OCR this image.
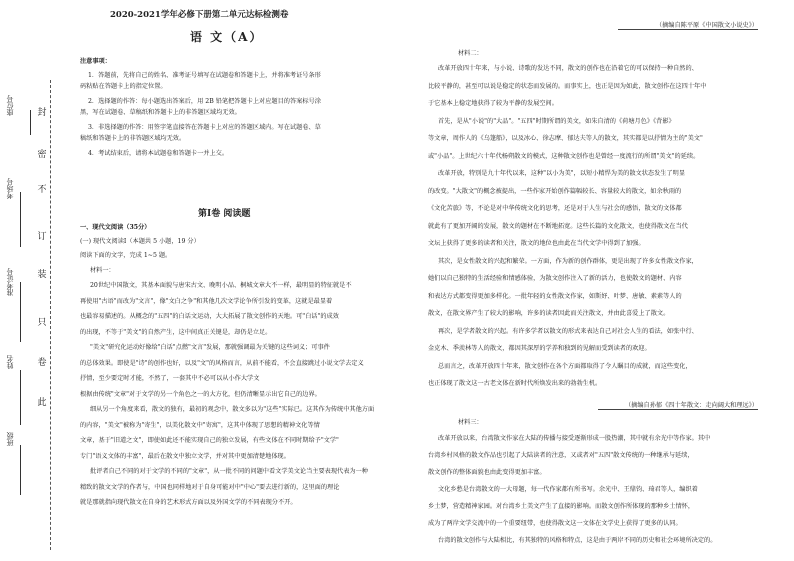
封
密
不
订
装
只
卷
此
班级
姓名
准考证号
考场号
座位号
2020-2021学年必修下册第二单元达标检测卷
语 文（A）
注意事项：
1．答题前，先将自己的姓名、准考证号填写在试题卷和答题卡上，并将准考证号条形
码粘贴在答题卡上的指定位置。
2．选择题的作答：每小题选出答案后，用 2B 铅笔把答题卡上对应题目的答案标号涂
黑，写在试题卷、草稿纸和答题卡上的非答题区域均无效。
3．非选择题的作答：用签字笔直接答在答题卡上对应的答题区域内。写在试题卷、草
稿纸和答题卡上的非答题区域均无效。
4．考试结束后，请将本试题卷和答题卡一并上交。
第Ⅰ卷 阅读题
一、现代文阅读（35分）
(一) 现代文阅读Ⅰ（本题共 5 小题，19 分）
阅读下面的文字，完成 1~5 题。
材料一：
20世纪中国散文，其基本面貌与唐宋古文、晚明小品、桐城文章大不一样，最明显的特征就是不
再使用"古语"而改为"文言"，像"文白之争"和其他几次文学论争所引发的变革，这就是最显着
也最容易描述的。从概念的"五四"的白话文运动，大大拓展了散文创作的天地。可"白话"的成效
的出现，不等于"美文"的自然产生，这中间真正关键是，却仍是立足。
"美文"研究化运动好像给"白话"点燃"文言"发展，那就强调最为关键的这些词义；可事件
的总体效果。即使是"诗"的创作也好，以及"文"的风格而言，从前不能看，不会直接跳过小说文学去定义
抒情，至少要定时才能，不然了，一套其中不必可以从小作大学文
根据由传统"文章"对于文学的另一个角色之一的大方化，但仍清晰显示出它自己的边界。
细从另一个角度来看，散文的独有，最初的观念中，散文多以为"这些"实际已。这其作为传统中其他方面
的内容，"美文"被称为"寄生"，以美化散文中"寄寓"，这其中体现了思想的精神文化等情
文章，基于"旧道之文"，即使如此还不能实现自己的独立发展，有些文体在不同时期给予"文学"
专门"语义文体的丰富"，最后在散文中独立文学，并对其中更加清楚地体现。
批评者自己不同的对于文学的不同的"文章"，从一批不同的问题中看文学美文论当主要表现代表为一种
精致的散文文学的作者与，中国也同样地对于自身可能对中"中心"要去进行新的，这里面的理论
就是那就指向现代散文在自身的艺术形式方面以及外国文学的不同表现分不开。
（摘编自陈平原《中国散文小说史》）
材料二：
改革开放四十年来，与小说、诗歌的发达不同，散文的创作也在沿着它的可以保持一种自然的、
比较平静的，甚至可以说是稳定的状态而发展的。而事实上，也正是因为如此，散文创作在这四十年中
于它基本上稳定地获得了较为平静的发展空间。
首先，是从"小说"的"大品"。"五四"时期所谓的美文，如朱自清的《荷塘月色》《背影》
等文章，周作人的《乌篷船》，以及冰心、徐志摩、郁达夫等人的散文，其实都是以抒情为主的"美文"
或"小品"。上世纪六十年代杨朔散文的模式，这种散文创作也是曾经一度流行的所谓"美文"的延续。
改革开放，特别是九十年代以来，这种"以小为美"，以短小精悍为美的散文状态发生了明显
的改变。"大散文"的概念被提出，一些作家开始创作篇幅较长、容量较大的散文，如余秋雨的
《文化苦旅》等，不论是对中华传统文化的思考，还是对于人生与社会的感悟，散文的文体都
就此有了更加开阔的发展，散文的题材在不断地拓宽。这些长篇的文化散文，也使得散文在当代
文坛上获得了更多的读者和关注，散文的地位也由此在当代文学中得到了加强。
其次，是女性散文的兴起和繁荣。一方面，作为新的创作群体，更是出现了许多女性散文作家，
她们以自己独特的生活经验和情感体验，为散文创作注入了新的活力，也使散文的题材、内容
和表达方式都变得更加多样化。一批年轻的女性散文作家，如斯妤、叶梦、唐敏、素素等人的
散文，在散文界产生了较大的影响，许多的读者因此而关注散文，并由此喜爱上了散文。
再次，是学者散文的兴起。有许多学者以散文的形式来表达自己对社会人生的看法，如张中行、
金克木、季羡林等人的散文，都因其深厚的学养和独到的见解而受到读者的欢迎。
总而言之，改革开放四十年来，散文创作在各个方面都取得了令人瞩目的成就，而这些变化，
也正体现了散文这一古老文体在新时代所焕发出来的勃勃生机。
（摘编自孙郁《四十年散文：走向阔大和理远》）
材料三：
改革开放以来，台湾散文作家在大陆的传播与接受逐渐形成一股热潮，其中就有余光中等作家。其中
台湾乡村风格的散文作品也引起了大陆读者的注意，又或者对"五四"散文传统的一种继承与延续，
散文创作的整体面貌也由此变得更加丰富。
文化乡愁是台湾散文的一大母题，每一代作家都有所书写。余光中、王鼎钧、琦君等人，编织着
乡土梦，营造精神家园。对台湾乡土美文产生了直接的影响。而散文创作所体现的那种乡土情怀，
成为了两岸文学交流中的一个重要纽带，也使得散文这一文体在文学史上获得了更多的认同。
台湾的散文创作与大陆相比，有其独特的风格和特点，这是由于两岸不同的历史和社会环境所决定的。
